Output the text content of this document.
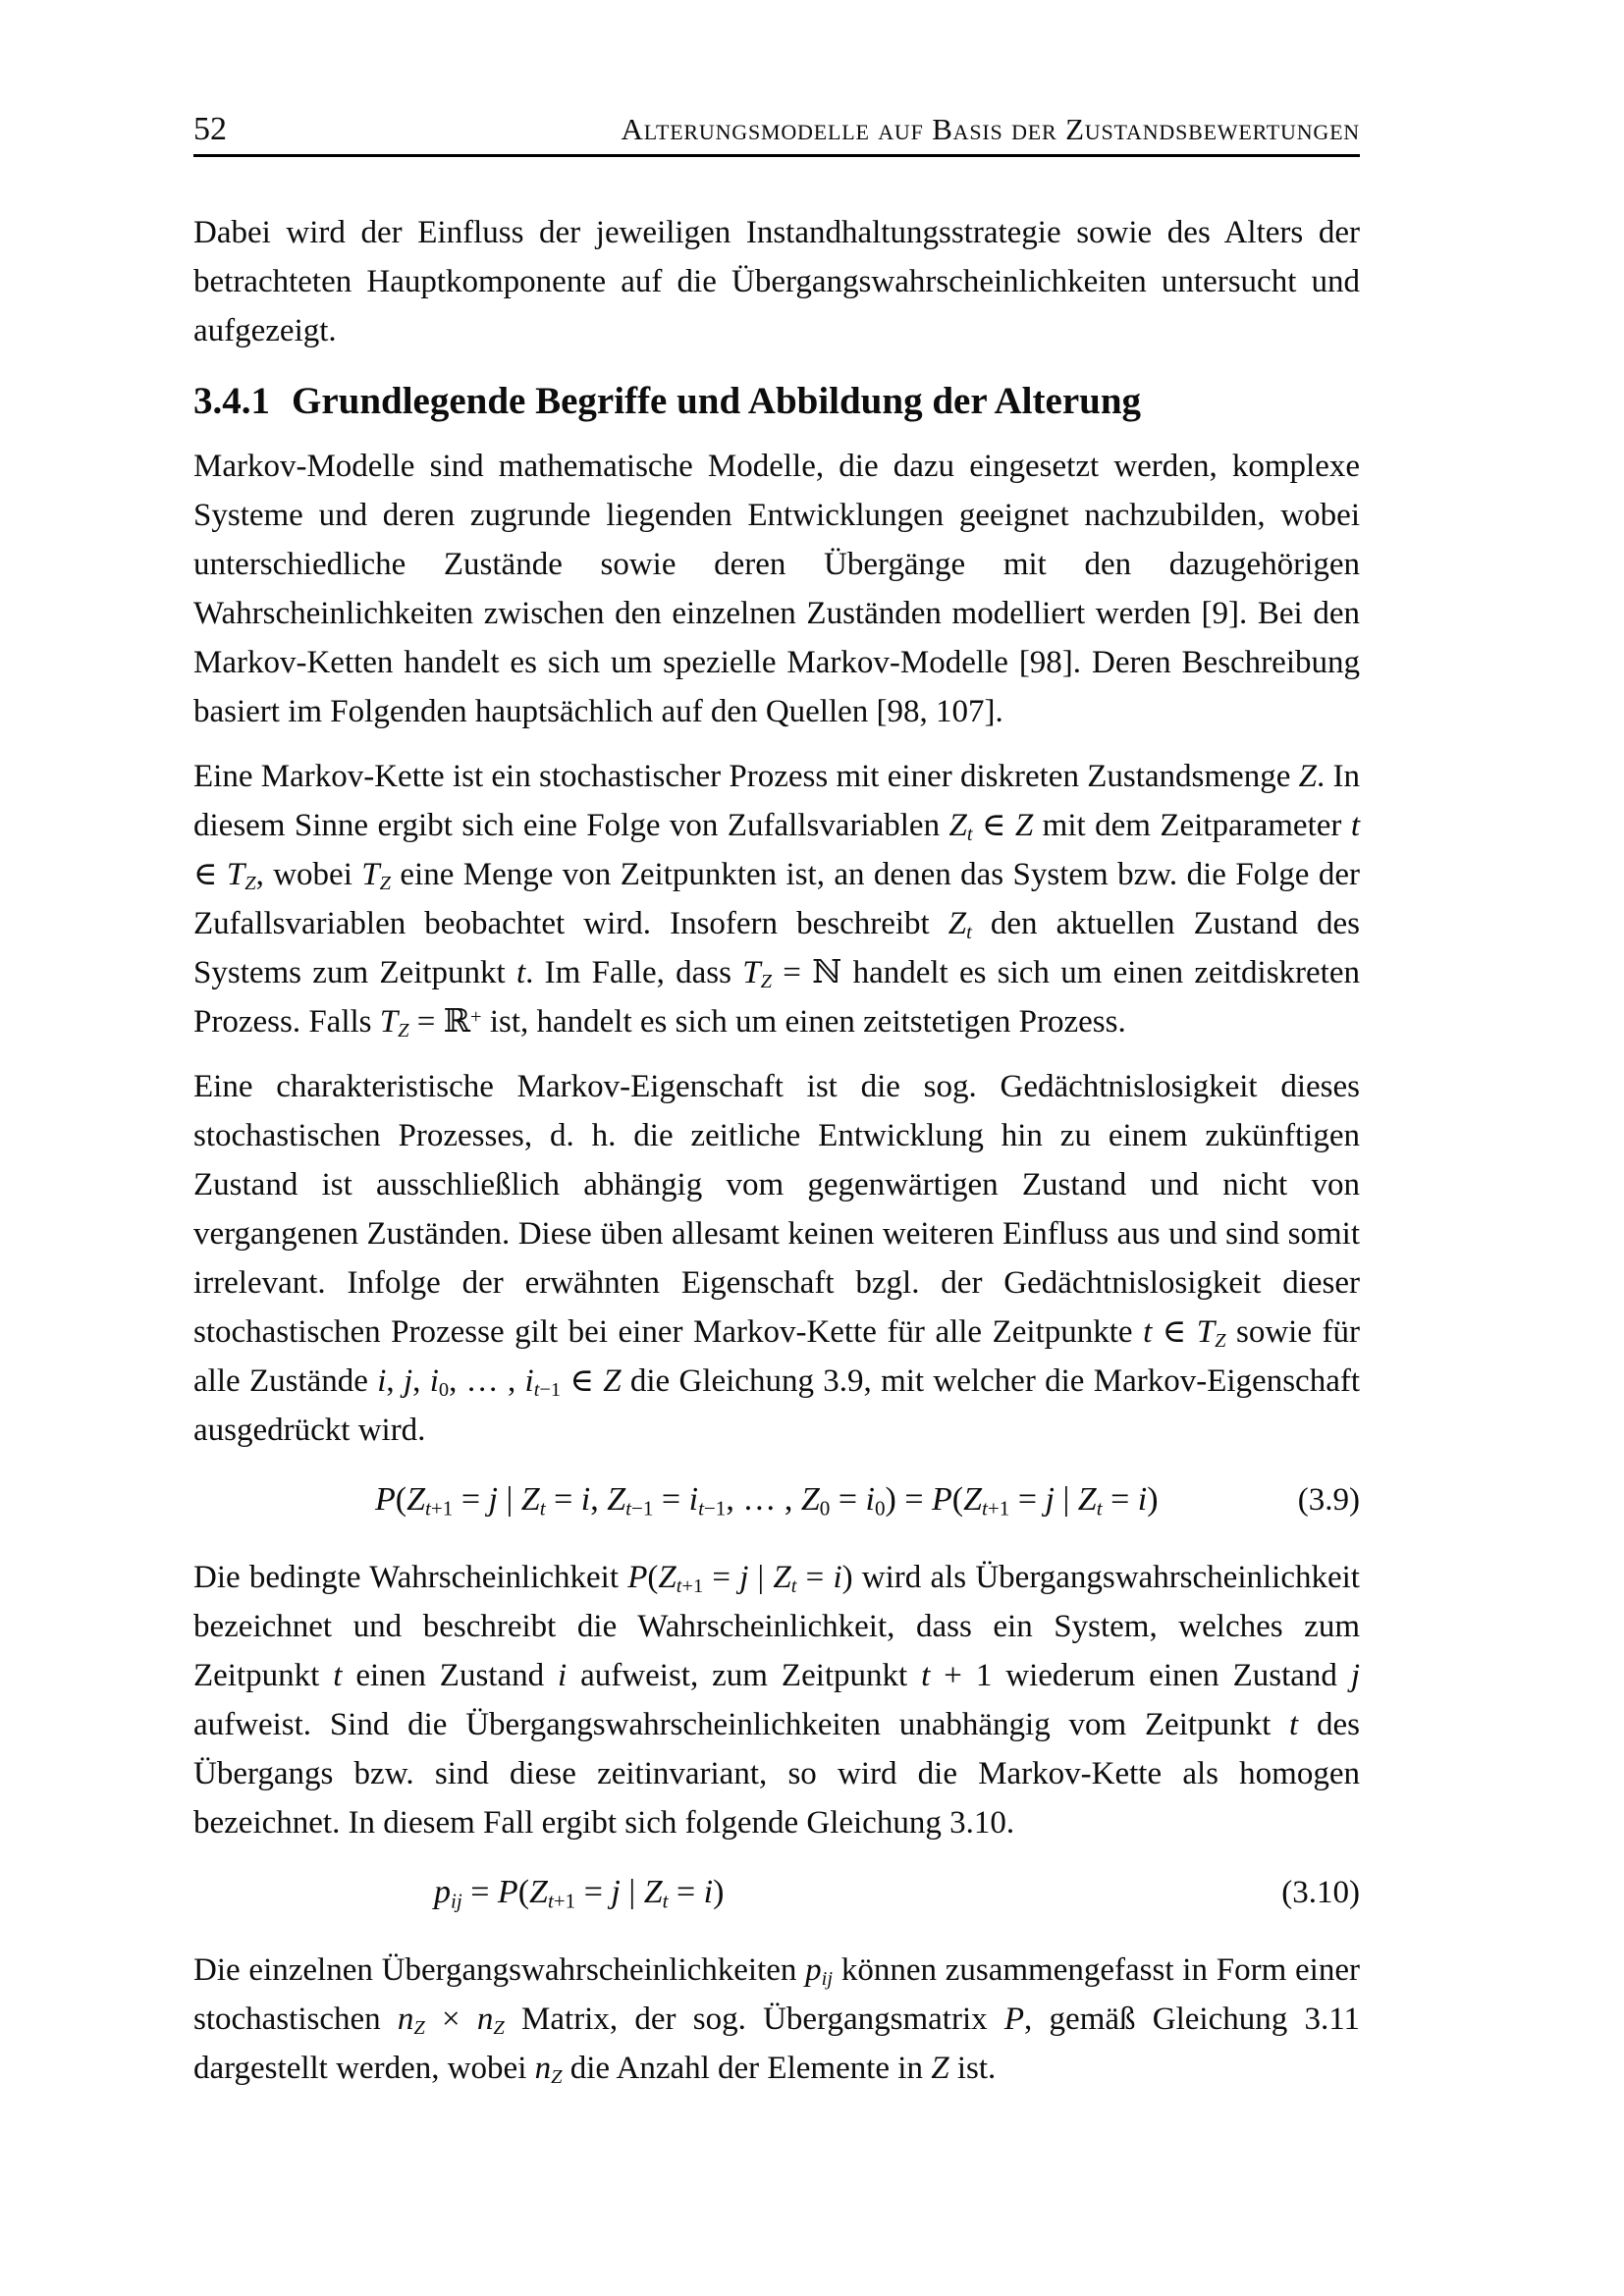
52	Alterungsmodelle auf Basis der Zustandsbewertungen

Dabei wird der Einfluss der jeweiligen Instandhaltungsstrategie sowie des Alters der betrachteten Hauptkomponente auf die Übergangswahrscheinlichkeiten untersucht und aufgezeigt.

3.4.1 Grundlegende Begriffe und Abbildung der Alterung

Markov-Modelle sind mathematische Modelle, die dazu eingesetzt werden, komplexe Systeme und deren zugrunde liegenden Entwicklungen geeignet nachzubilden, wobei unterschiedliche Zustände sowie deren Übergänge mit den dazugehörigen Wahrscheinlichkeiten zwischen den einzelnen Zuständen modelliert werden [9]. Bei den Markov-Ketten handelt es sich um spezielle Markov-Modelle [98]. Deren Beschreibung basiert im Folgenden hauptsächlich auf den Quellen [98, 107].

Eine Markov-Kette ist ein stochastischer Prozess mit einer diskreten Zustandsmenge Z. In diesem Sinne ergibt sich eine Folge von Zufallsvariablen $Z_t$ ∈ Z mit dem Zeitparameter t ∈ $T_Z$, wobei $T_Z$ eine Menge von Zeitpunkten ist, an denen das System bzw. die Folge der Zufallsvariablen beobachtet wird. Insofern beschreibt $Z_t$ den aktuellen Zustand des Systems zum Zeitpunkt t. Im Falle, dass $T_Z$ = ℕ handelt es sich um einen zeitdiskreten Prozess. Falls $T_Z$ = ℝ+ ist, handelt es sich um einen zeitstetigen Prozess.

Eine charakteristische Markov-Eigenschaft ist die sog. Gedächtnislosigkeit dieses stochastischen Prozesses, d. h. die zeitliche Entwicklung hin zu einem zukünftigen Zustand ist ausschließlich abhängig vom gegenwärtigen Zustand und nicht von vergangenen Zuständen. Diese üben allesamt keinen weiteren Einfluss aus und sind somit irrelevant. Infolge der erwähnten Eigenschaft bzgl. der Gedächtnislosigkeit dieser stochastischen Prozesse gilt bei einer Markov-Kette für alle Zeitpunkte t ∈ $T_Z$ sowie für alle Zustände i, j, $i_0$, … , $i_{t-1}$ ∈ Z die Gleichung 3.9, mit welcher die Markov-Eigenschaft ausgedrückt wird.

$P(Z_{t+1} = j$ | $Z_t = i$, $Z_{t-1} = i_{t-1}$, … , $Z_0 = i_0) = P(Z_{t+1} = j$ | $Z_t = i$)	(3.9)

Die bedingte Wahrscheinlichkeit $P(Z_{t+1} = j$ | $Z_t = i$) wird als Übergangswahrscheinlichkeit bezeichnet und beschreibt die Wahrscheinlichkeit, dass ein System, welches zum Zeitpunkt t einen Zustand i aufweist, zum Zeitpunkt t + 1 wiederum einen Zustand j aufweist. Sind die Übergangswahrscheinlichkeiten unabhängig vom Zeitpunkt t des Übergangs bzw. sind diese zeitinvariant, so wird die Markov-Kette als homogen bezeichnet. In diesem Fall ergibt sich folgende Gleichung 3.10.

$p_{ij} = P(Z_{t+1} = j$ | $Z_t = i$)	(3.10)

Die einzelnen Übergangswahrscheinlichkeiten $p_{ij}$ können zusammengefasst in Form einer stochastischen $n_Z \times n_Z$ Matrix, der sog. Übergangsmatrix P, gemäß Gleichung 3.11 dargestellt werden, wobei $n_Z$ die Anzahl der Elemente in Z ist.
